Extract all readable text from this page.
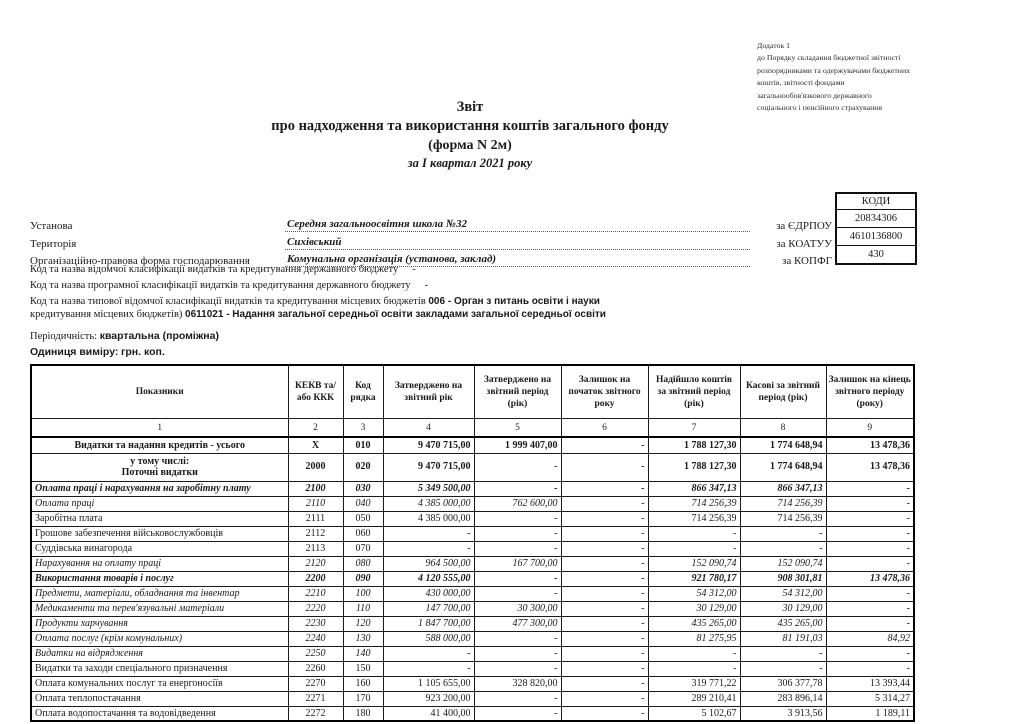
Додаток 1
до Порядку складання бюджетної звітності
розпорядниками та одержувачами бюджетних
коштів, звітності фондами
загальнообов'язкового державного
соціального і пенсійного страхування
Звіт
про надходження та використання коштів загального фонду
(форма N 2м)
за I квартал 2021 року
Установа	Середня загальноосвітня школа №32	за ЄДРПОУ
Територія	Сихівський	за КОАТУУ
Організаційно-правова форма господарювання	Комунальна організація (установа, заклад)	за КОПФГ
КОДИ
20834306
4610136800
430
Код та назва відомчої класифікації видатків та кредитування державного бюджету -
Код та назва програмної класифікації видатків та кредитування державного бюджету -
Код та назва типової відомчої класифікації видатків та кредитування місцевих бюджетів 006 - Орган з питань освіти і науки
кредитування місцевих бюджетів) 0611021 - Надання загальної середньої освіти закладами загальної середньої освіти
Періодичність: квартальна (проміжна)
Одиниця виміру: грн. коп.
Показники	КЕКВ та/або ККК	Код рядка	Затверджено на звітний рік	Затверджено на звітний період (рік)	Залишок на початок звітного року	Надійшло коштів за звітний період (рік)	Касові за звітний період (рік)	Залишок на кінець звітного періоду (року)
1	2	3	4	5	6	7	8	9
Видатки та надання кредитів - усього	X	010	9 470 715,00	1 999 407,00	-	1 788 127,30	1 774 648,94	13 478,36
у тому числі:
Поточні видатки	2000	020	9 470 715,00	-	-	1 788 127,30	1 774 648,94	13 478,36
Оплата праці і нарахування на заробітну плату	2100	030	5 349 500,00	-	-	866 347,13	866 347,13	-
Оплата праці	2110	040	4 385 000,00	762 600,00	-	714 256,39	714 256,39	-
Заробітна плата	2111	050	4 385 000,00	-	-	714 256,39	714 256,39	-
Грошове забезпечення військовослужбовців	2112	060	-	-	-	-	-	-
Суддівська винагорода	2113	070	-	-	-	-	-	-
Нарахування на оплату праці	2120	080	964 500,00	167 700,00	-	152 090,74	152 090,74	-
Використання товарів і послуг	2200	090	4 120 555,00	-	-	921 780,17	908 301,81	13 478,36
Предмети, матеріали, обладнання та інвентар	2210	100	430 000,00	-	-	54 312,00	54 312,00	-
Медикаменти та перев'язувальні матеріали	2220	110	147 700,00	30 300,00	-	30 129,00	30 129,00	-
Продукти харчування	2230	120	1 847 700,00	477 300,00	-	435 265,00	435 265,00	-
Оплата послуг (крім комунальних)	2240	130	588 000,00	-	-	81 275,95	81 191,03	84,92
Видатки на відрядження	2250	140	-	-	-	-	-	-
Видатки та заходи спеціального призначення	2260	150	-	-	-	-	-	-
Оплата комунальних послуг та енергоносіїв	2270	160	1 105 655,00	328 820,00	-	319 771,22	306 377,78	13 393,44
Оплата теплопостачання	2271	170	923 200,00	-	-	289 210,41	283 896,14	5 314,27
Оплата водопостачання та водовідведення	2272	180	41 400,00	-	-	5 102,67	3 913,56	1 189,11
